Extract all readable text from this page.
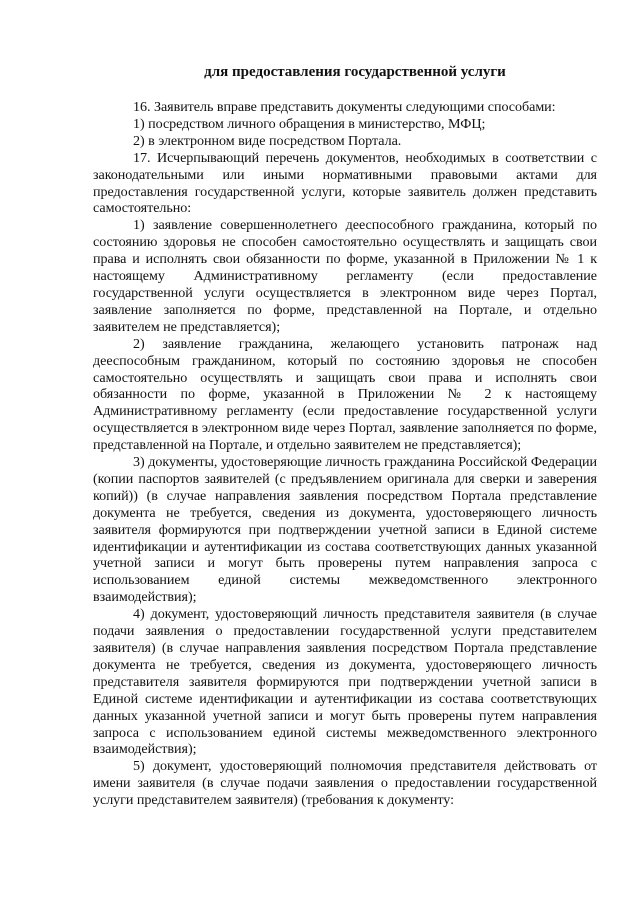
для предоставления государственной услуги

16. Заявитель вправе представить документы следующими способами:

1) посредством личного обращения в министерство, МФЦ;

2) в электронном виде посредством Портала.

17. Исчерпывающий перечень документов, необходимых в соответствии с законодательными или иными нормативными правовыми актами для предоставления государственной услуги, которые заявитель должен представить самостоятельно:

1) заявление совершеннолетнего дееспособного гражданина, который по состоянию здоровья не способен самостоятельно осуществлять и защищать свои права и исполнять свои обязанности по форме, указанной в Приложении № 1 к настоящему Административному регламенту (если предоставление государственной услуги осуществляется в электронном виде через Портал, заявление заполняется по форме, представленной на Портале, и отдельно заявителем не представляется);

2) заявление гражданина, желающего установить патронаж над дееспособным гражданином, который по состоянию здоровья не способен самостоятельно осуществлять и защищать свои права и исполнять свои обязанности по форме, указанной в Приложении № 2 к настоящему Административному регламенту (если предоставление государственной услуги осуществляется в электронном виде через Портал, заявление заполняется по форме, представленной на Портале, и отдельно заявителем не представляется);

3) документы, удостоверяющие личность гражданина Российской Федерации (копии паспортов заявителей (с предъявлением оригинала для сверки и заверения копий)) (в случае направления заявления посредством Портала представление документа не требуется, сведения из документа, удостоверяющего личность заявителя формируются при подтверждении учетной записи в Единой системе идентификации и аутентификации из состава соответствующих данных указанной учетной записи и могут быть проверены путем направления запроса с использованием единой системы межведомственного электронного взаимодействия);

4) документ, удостоверяющий личность представителя заявителя (в случае подачи заявления о предоставлении государственной услуги представителем заявителя) (в случае направления заявления посредством Портала представление документа не требуется, сведения из документа, удостоверяющего личность представителя заявителя формируются при подтверждении учетной записи в Единой системе идентификации и аутентификации из состава соответствующих данных указанной учетной записи и могут быть проверены путем направления запроса с использованием единой системы межведомственного электронного взаимодействия);

5) документ, удостоверяющий полномочия представителя действовать от имени заявителя (в случае подачи заявления о предоставлении государственной услуги представителем заявителя) (требования к документу:
